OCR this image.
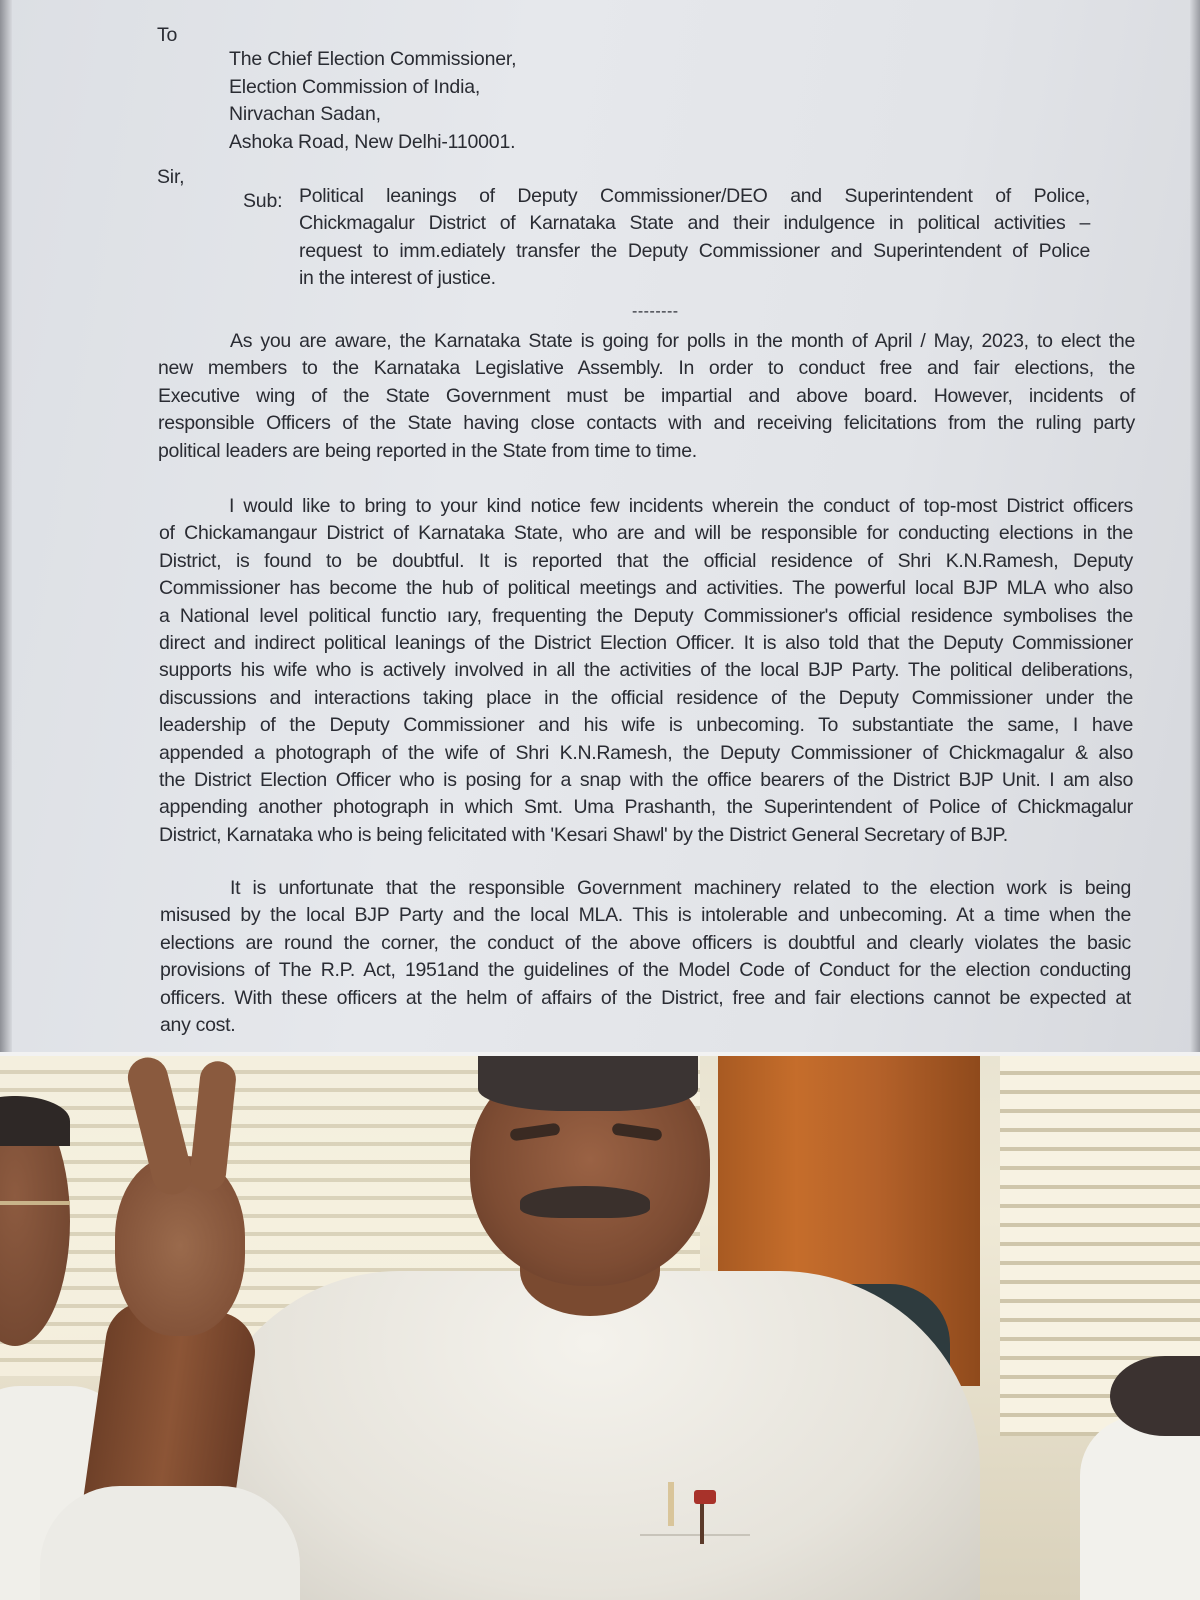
To
The Chief Election Commissioner,
Election Commission of India,
Nirvachan Sadan,
Ashoka Road, New Delhi-110001.
Sir,
Sub: Political leanings of Deputy Commissioner/DEO and Superintendent of Police,
Chickmagalur District of Karnataka State and their indulgence in political activities –
request to imm.ediately transfer the Deputy Commissioner and Superintendent of Police
in the interest of justice.
--------
As you are aware, the Karnataka State is going for polls in the month of April / May, 2023, to elect the
new members to the Karnataka Legislative Assembly. In order to conduct free and fair elections, the
Executive wing of the State Government must be impartial and above board. However, incidents of
responsible Officers of the State having close contacts with and receiving felicitations from the ruling party
political leaders are being reported in the State from time to time.
I would like to bring to your kind notice few incidents wherein the conduct of top-most District officers
of Chickamangaur District of Karnataka State, who are and will be responsible for conducting elections in the
District, is found to be doubtful. It is reported that the official residence of Shri K.N.Ramesh, Deputy
Commissioner has become the hub of political meetings and activities. The powerful local BJP MLA who also
a National level political functio ıary, frequenting the Deputy Commissioner's official residence symbolises the
direct and indirect political leanings of the District Election Officer. It is also told that the Deputy Commissioner
supports his wife who is actively involved in all the activities of the local BJP Party. The political deliberations,
discussions and interactions taking place in the official residence of the Deputy Commissioner under the
leadership of the Deputy Commissioner and his wife is unbecoming. To substantiate the same, I have
appended a photograph of the wife of Shri K.N.Ramesh, the Deputy Commissioner of Chickmagalur & also
the District Election Officer who is posing for a snap with the office bearers of the District BJP Unit. I am also
appending another photograph in which Smt. Uma Prashanth, the Superintendent of Police of Chickmagalur
District, Karnataka who is being felicitated with 'Kesari Shawl' by the District General Secretary of BJP.
It is unfortunate that the responsible Government machinery related to the election work is being
misused by the local BJP Party and the local MLA. This is intolerable and unbecoming. At a time when the
elections are round the corner, the conduct of the above officers is doubtful and clearly violates the basic
provisions of The R.P. Act, 1951and the guidelines of the Model Code of Conduct for the election conducting
officers. With these officers at the helm of affairs of the District, free and fair elections cannot be expected at
any cost.
